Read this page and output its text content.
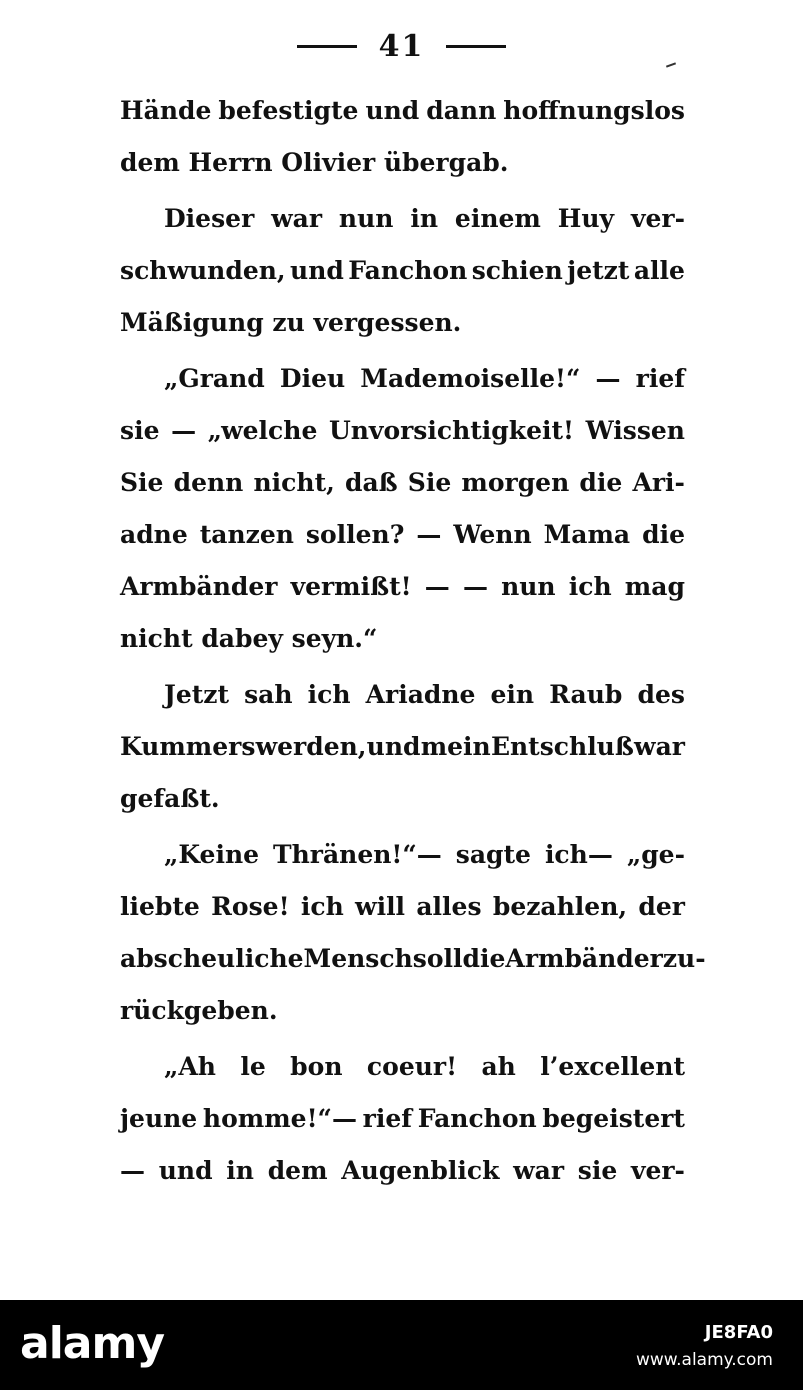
41
Hände befestigte und dann hoffnungslos
dem Herrn Olivier übergab.
Dieser war nun in einem Huy ver-
schwunden, und Fanchon schien jetzt alle
Mäßigung zu vergessen.
„Grand Dieu Mademoiselle!“ — rief
sie — „welche Unvorsichtigkeit! Wissen
Sie denn nicht, daß Sie morgen die Ari-
adne tanzen sollen? — Wenn Mama die
Armbänder vermißt! — — nun ich mag
nicht dabey seyn.“
Jetzt sah ich Ariadne ein Raub des
Kummers werden, und mein Entschluß war
gefaßt.
„Keine Thränen!“— sagte ich— „ge-
liebte Rose! ich will alles bezahlen, der
abscheuliche Mensch soll die Armbänder zu-
rückgeben.
„Ah le bon coeur! ah l’excellent
jeune homme!“— rief Fanchon begeistert
— und in dem Augenblick war sie ver-
alamy	JE8FA0
www.alamy.com
